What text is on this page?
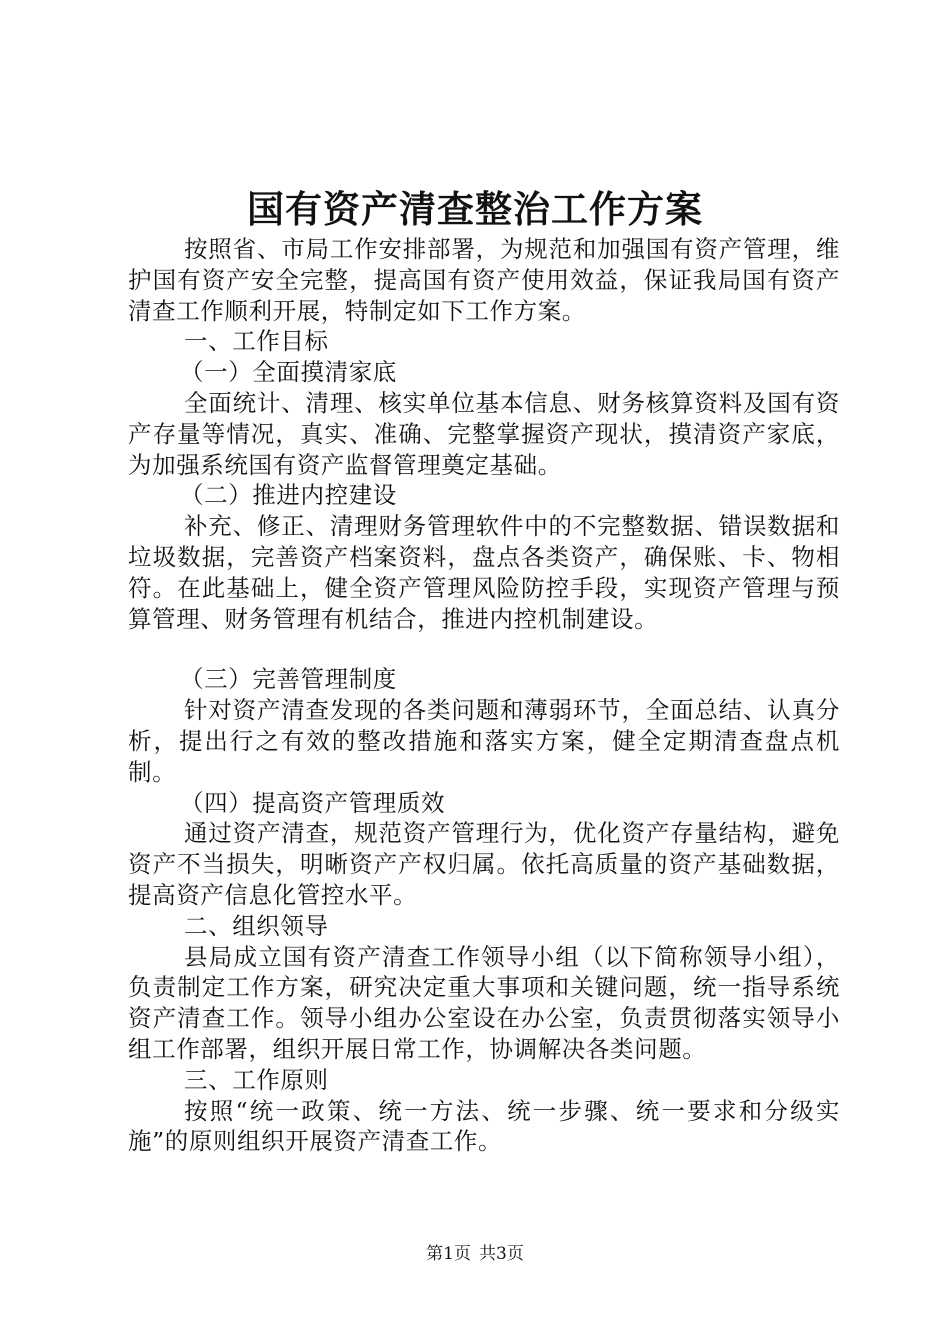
国有资产清查整治工作方案
按照省、市局工作安排部署，为规范和加强国有资产管理，维护国有资产安全完整，提高国有资产使用效益，保证我局国有资产清查工作顺利开展，特制定如下工作方案。
一、工作目标
（一）全面摸清家底
全面统计、清理、核实单位基本信息、财务核算资料及国有资产存量等情况，真实、准确、完整掌握资产现状，摸清资产家底，为加强系统国有资产监督管理奠定基础。
（二）推进内控建设
补充、修正、清理财务管理软件中的不完整数据、错误数据和垃圾数据，完善资产档案资料，盘点各类资产，确保账、卡、物相符。在此基础上，健全资产管理风险防控手段，实现资产管理与预算管理、财务管理有机结合，推进内控机制建设。
（三）完善管理制度
针对资产清查发现的各类问题和薄弱环节，全面总结、认真分析，提出行之有效的整改措施和落实方案，健全定期清查盘点机制。
（四）提高资产管理质效
通过资产清查，规范资产管理行为，优化资产存量结构，避免资产不当损失，明晰资产产权归属。依托高质量的资产基础数据，提高资产信息化管控水平。
二、组织领导
县局成立国有资产清查工作领导小组（以下简称领导小组），负责制定工作方案，研究决定重大事项和关键问题，统一指导系统资产清查工作。领导小组办公室设在办公室，负责贯彻落实领导小组工作部署，组织开展日常工作，协调解决各类问题。
三、工作原则
按照“统一政策、统一方法、统一步骤、统一要求和分级实施”的原则组织开展资产清查工作。
第1页 共3页
